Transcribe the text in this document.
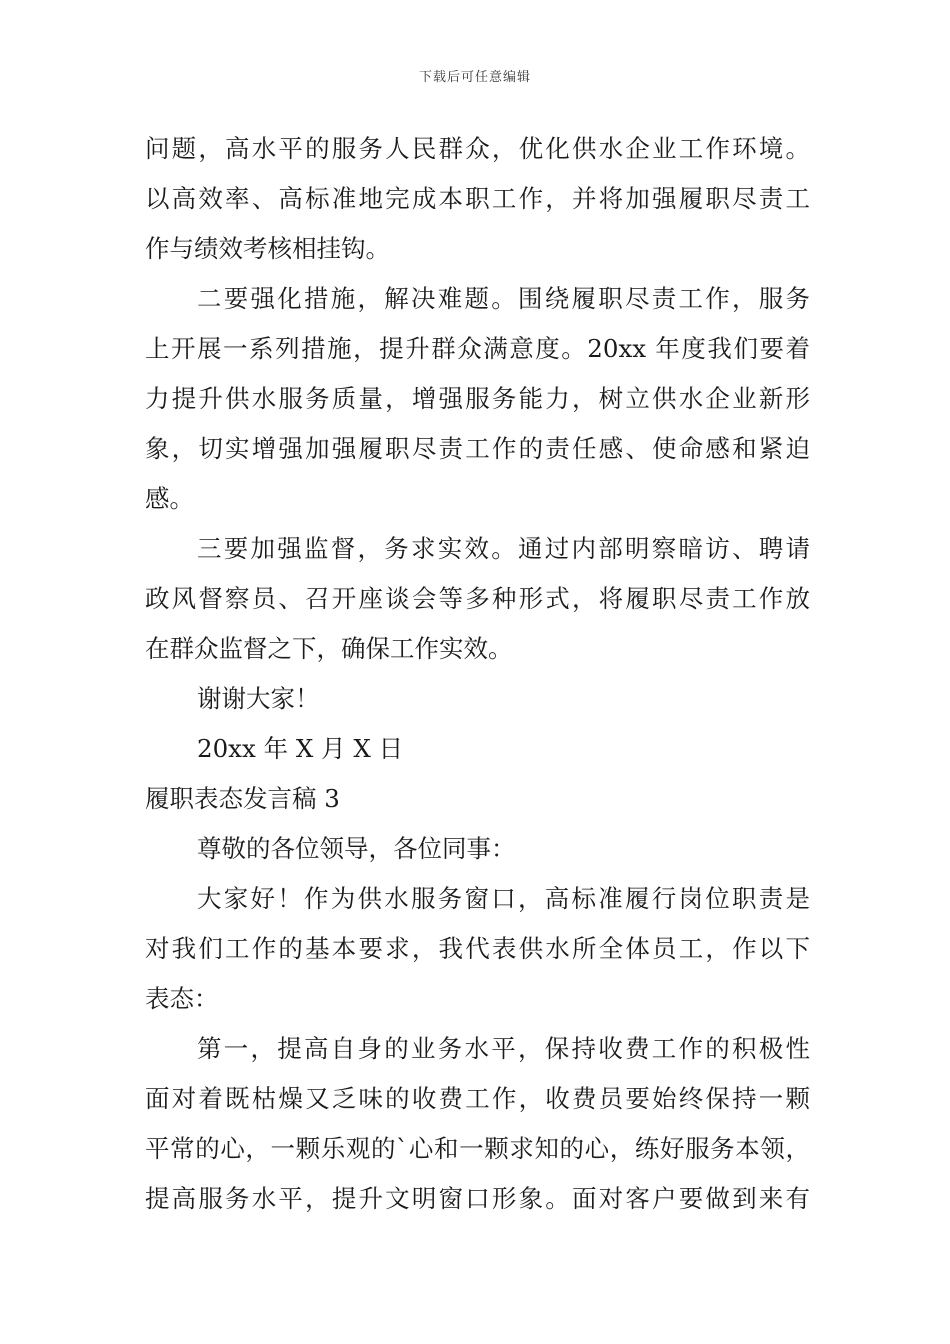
下载后可任意编辑
问题，高水平的服务人民群众，优化供水企业工作环境。
以高效率、高标准地完成本职工作，并将加强履职尽责工
作与绩效考核相挂钩。
二要强化措施，解决难题。围绕履职尽责工作，服务
上开展一系列措施，提升群众满意度。20xx 年度我们要着
力提升供水服务质量，增强服务能力，树立供水企业新形
象，切实增强加强履职尽责工作的责任感、使命感和紧迫
感。
三要加强监督，务求实效。通过内部明察暗访、聘请
政风督察员、召开座谈会等多种形式，将履职尽责工作放
在群众监督之下，确保工作实效。
谢谢大家！
20xx 年 X 月 X 日
履职表态发言稿 3
尊敬的各位领导，各位同事：
大家好！作为供水服务窗口，高标准履行岗位职责是
对我们工作的基本要求，我代表供水所全体员工，作以下
表态：
第一，提高自身的业务水平，保持收费工作的积极性
面对着既枯燥又乏味的收费工作，收费员要始终保持一颗
平常的心，一颗乐观的`心和一颗求知的心，练好服务本领，
提高服务水平，提升文明窗口形象。面对客户要做到来有
